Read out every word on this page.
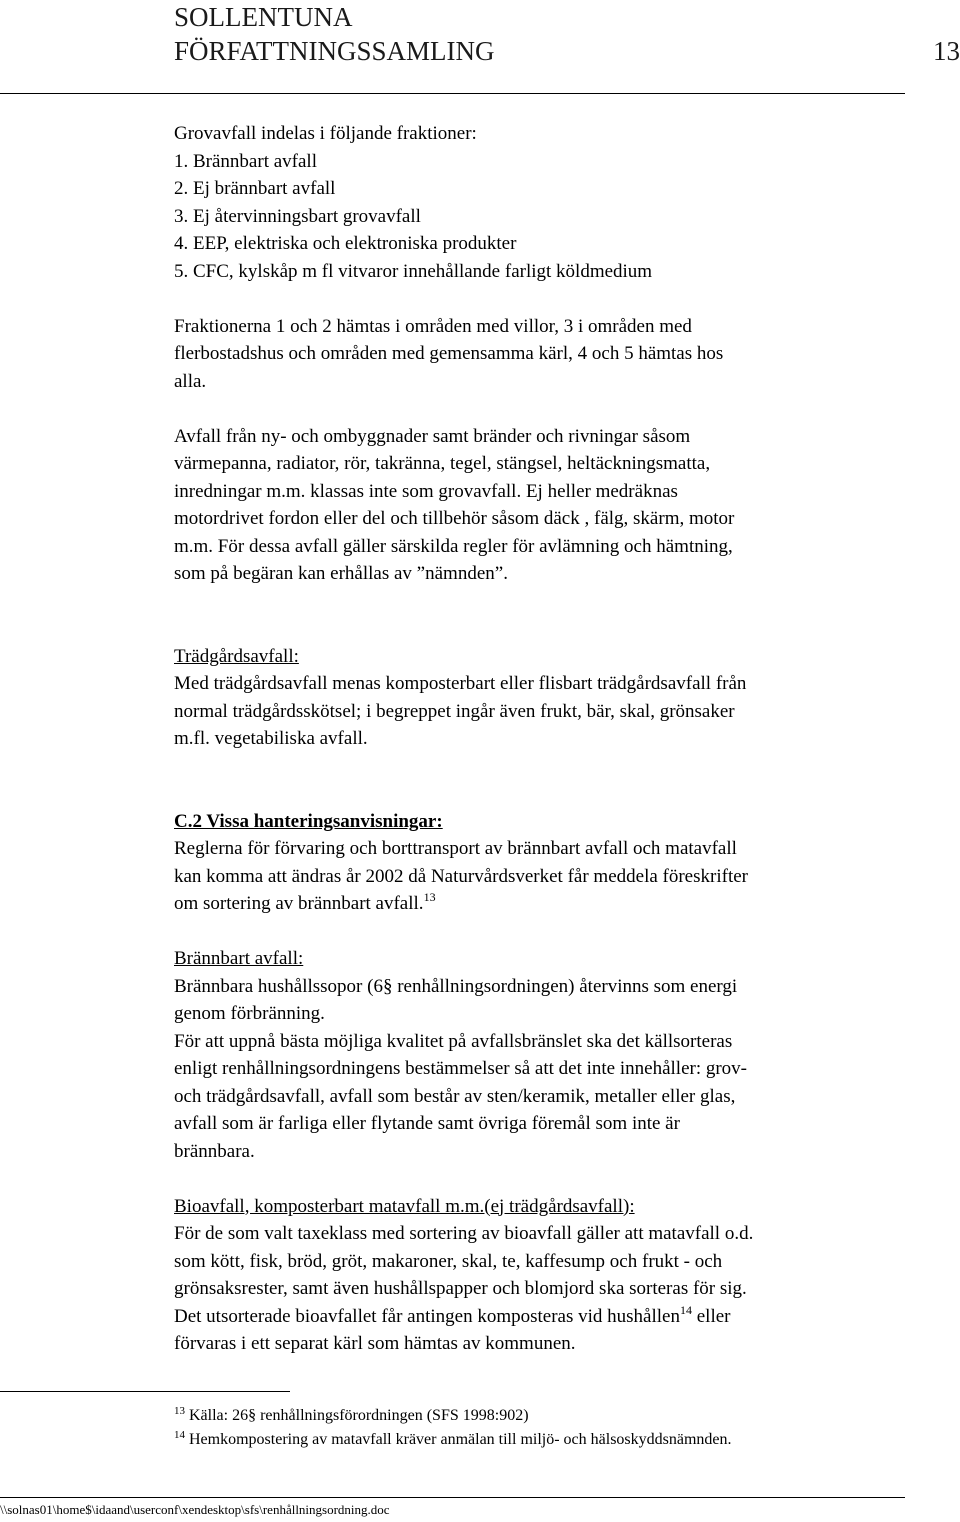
SOLLENTUNA
FÖRFATTNINGSSAMLING	13

Grovavfall indelas i följande fraktioner:

1. Brännbart avfall

2. Ej brännbart avfall

3. Ej återvinningsbart grovavfall

4. EEP, elektriska och elektroniska produkter

5. CFC, kylskåp m fl vitvaror innehållande farligt köldmedium

Fraktionerna 1 och 2 hämtas i områden med villor, 3 i områden med

flerbostadshus och områden med gemensamma kärl, 4 och 5 hämtas hos

alla.

Avfall från ny- och ombyggnader samt bränder och rivningar såsom

värmepanna, radiator, rör, takränna, tegel, stängsel, heltäckningsmatta,

inredningar m.m. klassas inte som grovavfall. Ej heller medräknas

motordrivet fordon eller del och tillbehör såsom däck , fälg, skärm, motor

m.m. För dessa avfall gäller särskilda regler för avlämning och hämtning,

som på begäran kan erhållas av ”nämnden”.

Trädgårdsavfall:

Med trädgårdsavfall menas komposterbart eller flisbart trädgårdsavfall från

normal trädgårdsskötsel; i begreppet ingår även frukt, bär, skal, grönsaker

m.fl. vegetabiliska avfall.

C.2 Vissa hanteringsanvisningar:

Reglerna för förvaring och borttransport av brännbart avfall och matavfall

kan komma att ändras år 2002 då Naturvårdsverket får meddela föreskrifter

om sortering av brännbart avfall.$^{13}$

Brännbart avfall:

Brännbara hushållssopor (6§ renhållningsordningen) återvinns som energi

genom förbränning.

För att uppnå bästa möjliga kvalitet på avfallsbränslet ska det källsorteras

enligt renhållningsordningens bestämmelser så att det inte innehåller: grov-

och trädgårdsavfall, avfall som består av sten/keramik, metaller eller glas,

avfall som är farliga eller flytande samt övriga föremål som inte är

brännbara.

Bioavfall, komposterbart matavfall m.m.(ej trädgårdsavfall):

För de som valt taxeklass med sortering av bioavfall gäller att matavfall o.d.

som kött, fisk, bröd, gröt, makaroner, skal, te, kaffesump och frukt - och

grönsaksrester, samt även hushållspapper och blomjord ska sorteras för sig.

Det utsorterade bioavfallet får antingen komposteras vid hushållen$^{14}$ eller

förvaras i ett separat kärl som hämtas av kommunen.

$^{13}$ Källa: 26§ renhållningsförordningen (SFS 1998:902)
$^{14}$ Hemkompostering av matavfall kräver anmälan till miljö- och hälsoskyddsnämnden.
\\solnas01\home$\idaand\userconf\xendesktop\sfs\renhållningsordning.doc
